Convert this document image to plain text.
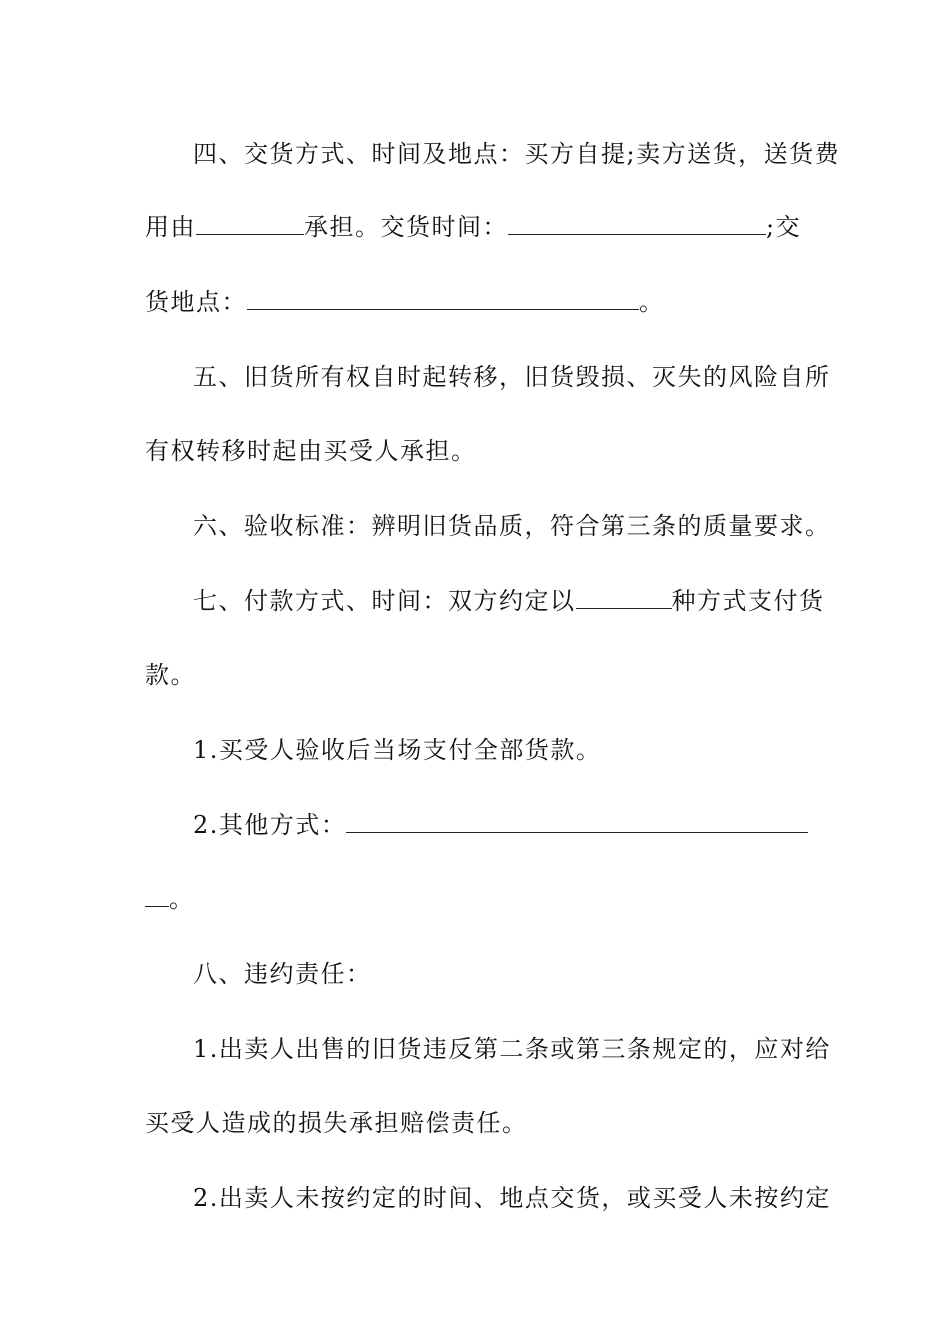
四、交货方式、时间及地点：买方自提;卖方送货，送货费
用由	承担。交货时间：	;交
货地点：	。
五、旧货所有权自时起转移，旧货毁损、灭失的风险自所
有权转移时起由买受人承担。
六、验收标准：辨明旧货品质，符合第三条的质量要求。
七、付款方式、时间：双方约定以	种方式支付货
款。
1.买受人验收后当场支付全部货款。
2.其他方式：
。
八、违约责任：
1.出卖人出售的旧货违反第二条或第三条规定的，应对给
买受人造成的损失承担赔偿责任。
2.出卖人未按约定的时间、地点交货，或买受人未按约定
